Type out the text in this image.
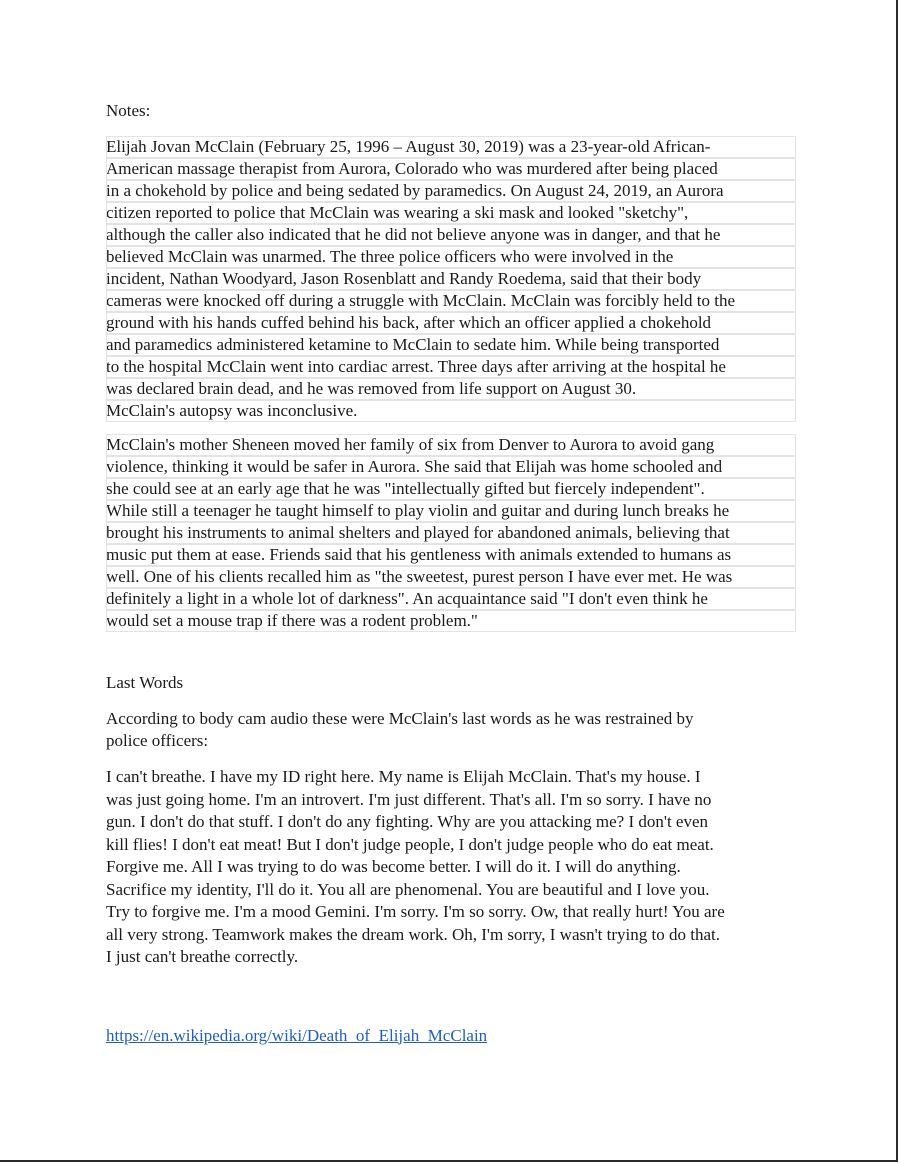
Notes:

Elijah Jovan McClain (February 25, 1996 – August 30, 2019) was a 23-year-old African-
American massage therapist from Aurora, Colorado who was murdered after being placed
in a chokehold by police and being sedated by paramedics. On August 24, 2019, an Aurora
citizen reported to police that McClain was wearing a ski mask and looked "sketchy",
although the caller also indicated that he did not believe anyone was in danger, and that he
believed McClain was unarmed. The three police officers who were involved in the
incident, Nathan Woodyard, Jason Rosenblatt and Randy Roedema, said that their body
cameras were knocked off during a struggle with McClain. McClain was forcibly held to the
ground with his hands cuffed behind his back, after which an officer applied a chokehold
and paramedics administered ketamine to McClain to sedate him. While being transported
to the hospital McClain went into cardiac arrest. Three days after arriving at the hospital he
was declared brain dead, and he was removed from life support on August 30.
McClain's autopsy was inconclusive.
McClain's mother Sheneen moved her family of six from Denver to Aurora to avoid gang
violence, thinking it would be safer in Aurora. She said that Elijah was home schooled and
she could see at an early age that he was "intellectually gifted but fiercely independent".
While still a teenager he taught himself to play violin and guitar and during lunch breaks he
brought his instruments to animal shelters and played for abandoned animals, believing that
music put them at ease. Friends said that his gentleness with animals extended to humans as
well. One of his clients recalled him as "the sweetest, purest person I have ever met. He was
definitely a light in a whole lot of darkness". An acquaintance said "I don't even think he
would set a mouse trap if there was a rodent problem."

Last Words

According to body cam audio these were McClain's last words as he was restrained by
police officers:
I can't breathe. I have my ID right here. My name is Elijah McClain. That's my house. I
was just going home. I'm an introvert. I'm just different. That's all. I'm so sorry. I have no
gun. I don't do that stuff. I don't do any fighting. Why are you attacking me? I don't even
kill flies! I don't eat meat! But I don't judge people, I don't judge people who do eat meat.
Forgive me. All I was trying to do was become better. I will do it. I will do anything.
Sacrifice my identity, I'll do it. You all are phenomenal. You are beautiful and I love you.
Try to forgive me. I'm a mood Gemini. I'm sorry. I'm so sorry. Ow, that really hurt! You are
all very strong. Teamwork makes the dream work. Oh, I'm sorry, I wasn't trying to do that.
I just can't breathe correctly.
https://en.wikipedia.org/wiki/Death_of_Elijah_McClain
